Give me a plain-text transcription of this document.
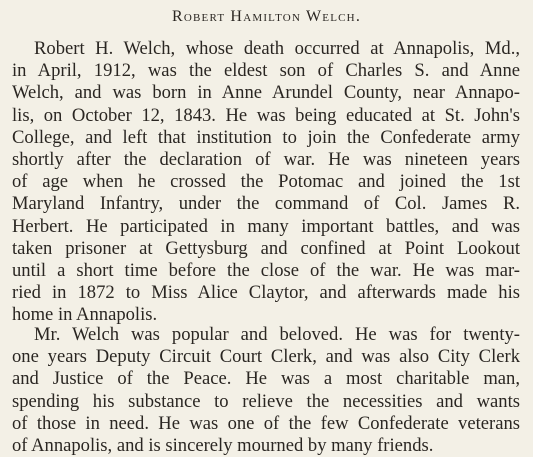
Robert Hamilton Welch.

Robert H. Welch, whose death occurred at Annapolis, Md.,
in April, 1912, was the eldest son of Charles S. and Anne
Welch, and was born in Anne Arundel County, near Annapo-
lis, on October 12, 1843. He was being educated at St. John's
College, and left that institution to join the Confederate army
shortly after the declaration of war. He was nineteen years
of age when he crossed the Potomac and joined the 1st
Maryland Infantry, under the command of Col. James R.
Herbert. He participated in many important battles, and was
taken prisoner at Gettysburg and confined at Point Lookout
until a short time before the close of the war. He was mar-
ried in 1872 to Miss Alice Claytor, and afterwards made his
home in Annapolis.

Mr. Welch was popular and beloved. He was for twenty-
one years Deputy Circuit Court Clerk, and was also City Clerk
and Justice of the Peace. He was a most charitable man,
spending his substance to relieve the necessities and wants
of those in need. He was one of the few Confederate veterans
of Annapolis, and is sincerely mourned by many friends.
